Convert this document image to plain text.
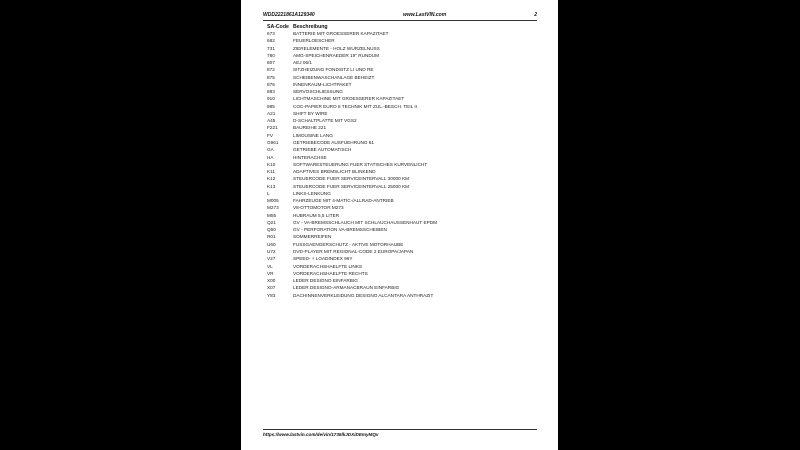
WDD2221861A129340	www.LastVIN.com	2
SA-Code Beschreibung
673	BATTERIE MIT GROESSERER KAPAZITAET
682	FEUERLOESCHER
731	ZIERELEMENTE - HOLZ WURZELNUSS
780	AMG-SPEICHENRAEDER 19" RUNDUM
807	AEJ 06/1
872	SITZHEIZUNG FONDSITZ LI UND RE
875	SCHEIBENWASCHANLAGE BEHEIZT
876	INNENRAUM-LICHTPAKET
883	SERVOSCHLIESSUNG
910	LICHTMASCHINE MIT GROESSERER KAPAZITAET
985	COC-PAPIER EURO 6 TECHNIK MIT ZUL.-BESCH. TEIL II
A21	SHIFT BY WIRE
A45	D-SCHALTPLATTE MIT VGS2
F221	BAUREIHE 221
FV	LIMOUSINE LANG
G961	GETRIEBECODE AUSFUEHRUNG 61
GA	GETRIEBE AUTOMATISCH
HA	HINTERACHSE
K10	SOFTWARESTEUERUNG FUER STATISCHES KURVENLICHT
K11	ADAPTIVES BREMSLICHT BLINKEND
K12	STEUERCODE FUER SERVICEINTERVALL 30000 KM
K13	STEUERCODE FUER SERVICEINTERVALL 25000 KM
L	LINKS-LENKUNG
M005	FAHRZEUGE MIT 4-MATIC-/ALLRAD-ANTRIEB
M273	V8-OTTOMOTOR M273
M55	HUBRAUM 5,5 LITER
Q21	GV - VA-BREMSSCHLAUCH MIT SCHLAUCHAUSSENHAUT EPDM
Q50	GV - PERFORATION VA-BREMSSCHEIBEN
R01	SOMMERREIFEN
U60	FUSSGAENGERSCHUTZ - AKTIVE MOTORHAUBE
U72	DVD-PLAYER MIT REGIONAL-CODE 2 EUROPA/JAPAN
V27	SPEED- + LOADINDEX 96Y
VL	VORDERACHSHAELFTE LINKS
VR	VORDERACHSHAELFTE RECHTS
X00	LEDER DESIGNO EINFARBIG
X07	LEDER DESIGNO-ARMANACBRAUN EINFARBIG
Y83	DACHINNENVERKLEIDUNG DESIGNO ALCANTARA ANTHRAZIT
https://www.lastvin.com/de/vin/1735lkJDXiDEmyMQv
